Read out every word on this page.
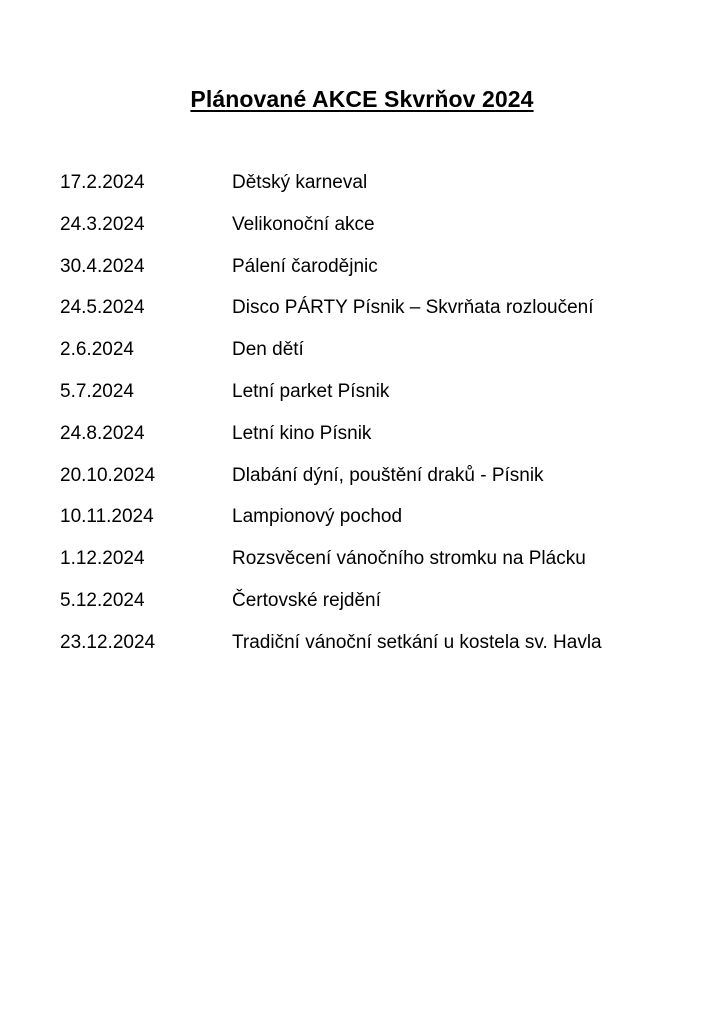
Plánované AKCE Skvrňov 2024
17.2.2024	Dětský karneval
24.3.2024	Velikonoční akce
30.4.2024	Pálení čarodějnic
24.5.2024	Disco PÁRTY Písnik – Skvrňata rozloučení
2.6.2024	Den dětí
5.7.2024	Letní parket Písnik
24.8.2024	Letní kino Písnik
20.10.2024	Dlabání dýní, pouštění draků - Písnik
10.11.2024	Lampionový pochod
1.12.2024	Rozsvěcení vánočního stromku na Plácku
5.12.2024	Čertovské rejdění
23.12.2024	Tradiční vánoční setkání u kostela sv. Havla
